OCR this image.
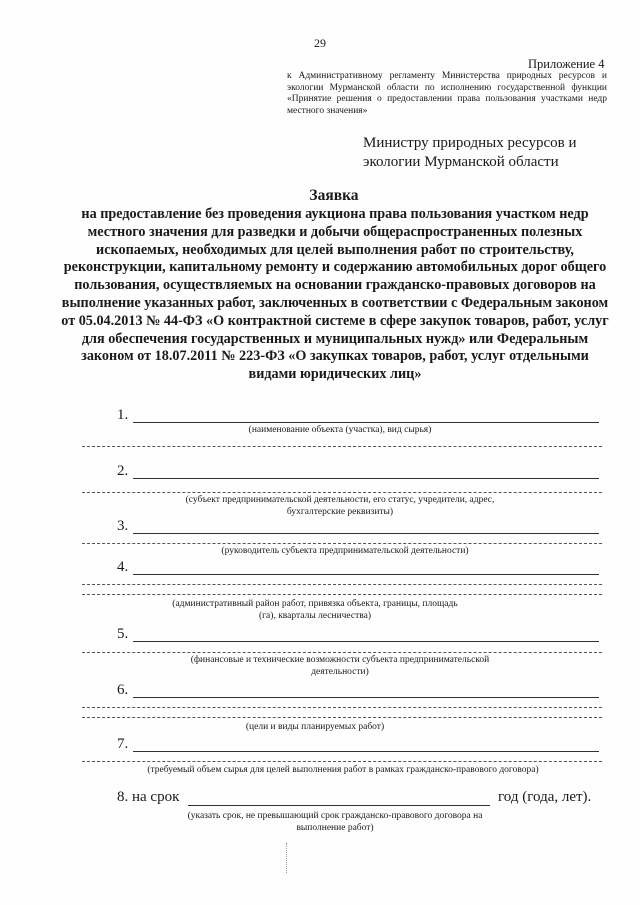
29
Приложение 4
к Административному регламенту Министерства природных ресурсов и экологии Мурманской области по исполнению государственной функции «Принятие решения о предоставлении права пользования участками недр местного значения»
Министру природных ресурсов и экологии Мурманской области
Заявка
на предоставление без проведения аукциона права пользования участком недр местного значения для разведки и добычи общераспространенных полезных ископаемых, необходимых для целей выполнения работ по строительству, реконструкции, капитальному ремонту и содержанию автомобильных дорог общего пользования, осуществляемых на основании гражданско-правовых договоров на выполнение указанных работ, заключенных в соответствии с Федеральным законом от 05.04.2013 № 44-ФЗ «О контрактной системе в сфере закупок товаров, работ, услуг для обеспечения государственных и муниципальных нужд» или Федеральным законом от 18.07.2011 № 223-ФЗ «О закупках товаров, работ, услуг отдельными видами юридических лиц»
1.
(наименование объекта (участка), вид сырья)
2.
(субъект предпринимательской деятельности, его статус, учредители, адрес, бухгалтерские реквизиты)
3.
(руководитель субъекта предпринимательской деятельности)
4.
(административный район работ, привязка объекта, границы, площадь (га), кварталы лесничества)
5.
(финансовые и технические возможности субъекта предпринимательской деятельности)
6.
(цели и виды планируемых работ)
7.
(требуемый объем сырья для целей выполнения работ в рамках гражданско-правового договора)
8. на срок	год (года, лет).
(указать срок, не превышающий срок гражданско-правового договора на выполнение работ)
